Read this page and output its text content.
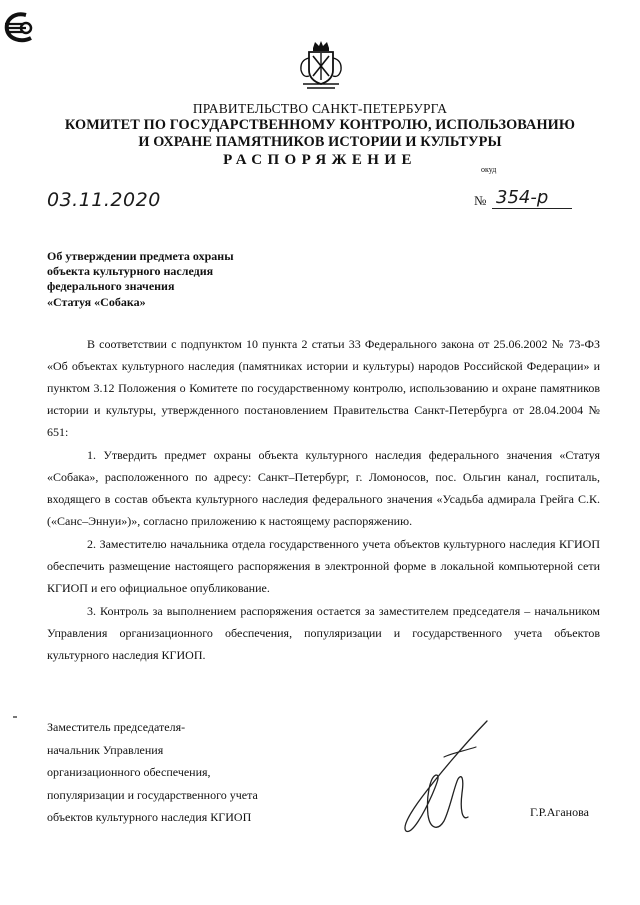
ПРАВИТЕЛЬСТВО САНКТ-ПЕТЕРБУРГА
КОМИТЕТ ПО ГОСУДАРСТВЕННОМУ КОНТРОЛЮ, ИСПОЛЬЗОВАНИЮ
И ОХРАНЕ ПАМЯТНИКОВ ИСТОРИИ И КУЛЬТУРЫ
РАСПОРЯЖЕНИЕ
окуд
03.11.2020	№ 354-р
Об утверждении предмета охраны
объекта культурного наследия
федерального значения
«Статуя «Собака»

В соответствии с подпунктом 10 пункта 2 статьи 33 Федерального закона от 25.06.2002 № 73-ФЗ «Об объектах культурного наследия (памятниках истории и культуры) народов Российской Федерации» и пунктом 3.12 Положения о Комитете по государственному контролю, использованию и охране памятников истории и культуры, утвержденного постановлением Правительства Санкт-Петербурга от 28.04.2004 № 651:

1. Утвердить предмет охраны объекта культурного наследия федерального значения «Статуя «Собака», расположенного по адресу: Санкт–Петербург, г. Ломоносов, пос. Ольгин канал, госпиталь, входящего в состав объекта культурного наследия федерального значения «Усадьба адмирала Грейга С.К. («Санс–Эннуи»)», согласно приложению к настоящему распоряжению.

2. Заместителю начальника отдела государственного учета объектов культурного наследия КГИОП обеспечить размещение настоящего распоряжения в электронной форме в локальной компьютерной сети КГИОП и его официальное опубликование.

3. Контроль за выполнением распоряжения остается за заместителем председателя – начальником Управления организационного обеспечения, популяризации и государственного учета объектов культурного наследия КГИОП.

Заместитель председателя-
начальник Управления
организационного обеспечения,
популяризации и государственного учета
объектов культурного наследия КГИОП	Г.Р.Аганова
